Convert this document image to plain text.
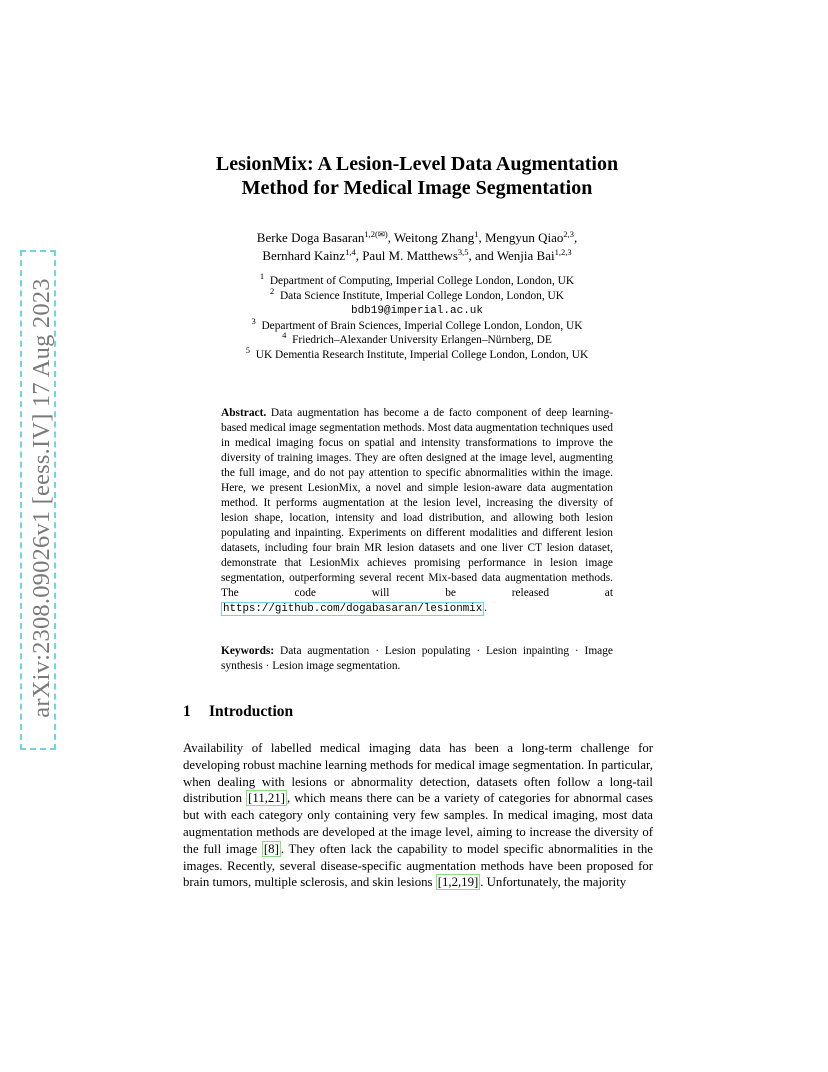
arXiv:2308.09026v1 [eess.IV] 17 Aug 2023
LesionMix: A Lesion-Level Data Augmentation
Method for Medical Image Segmentation
Berke Doga Basaran$^{1,2(✉)}$, Weitong Zhang$^1$, Mengyun Qiao$^{2,3}$,
Bernhard Kainz$^{1,4}$, Paul M. Matthews$^{3,5}$, and Wenjia Bai$^{1,2,3}$
$^1$ Department of Computing, Imperial College London, London, UK
$^2$ Data Science Institute, Imperial College London, London, UK
bdb19@imperial.ac.uk
$^3$ Department of Brain Sciences, Imperial College London, London, UK
$^4$ Friedrich–Alexander University Erlangen–Nürnberg, DE
$^5$ UK Dementia Research Institute, Imperial College London, London, UK
Abstract. Data augmentation has become a de facto component of deep learning-based medical image segmentation methods. Most data augmentation techniques used in medical imaging focus on spatial and intensity transformations to improve the diversity of training images. They are often designed at the image level, augmenting the full image, and do not pay attention to specific abnormalities within the image. Here, we present LesionMix, a novel and simple lesion-aware data augmentation method. It performs augmentation at the lesion level, increasing the diversity of lesion shape, location, intensity and load distribution, and allowing both lesion populating and inpainting. Experiments on different modalities and different lesion datasets, including four brain MR lesion datasets and one liver CT lesion dataset, demonstrate that LesionMix achieves promising performance in lesion image segmentation, outperforming several recent Mix-based data augmentation methods. The code will be released at https://github.com/dogabasaran/lesionmix .
Keywords: Data augmentation · Lesion populating · Lesion inpainting · Image synthesis · Lesion image segmentation.
1 Introduction
Availability of labelled medical imaging data has been a long-term challenge for developing robust machine learning methods for medical image segmentation. In particular, when dealing with lesions or abnormality detection, datasets often follow a long-tail distribution [11,21] , which means there can be a variety of categories for abnormal cases but with each category only containing very few samples. In medical imaging, most data augmentation methods are developed at the image level, aiming to increase the diversity of the full image [8] . They often lack the capability to model specific abnormalities in the images. Recently, several disease-specific augmentation methods have been proposed for brain tumors, multiple sclerosis, and skin lesions [1,2,19] . Unfortunately, the majority
